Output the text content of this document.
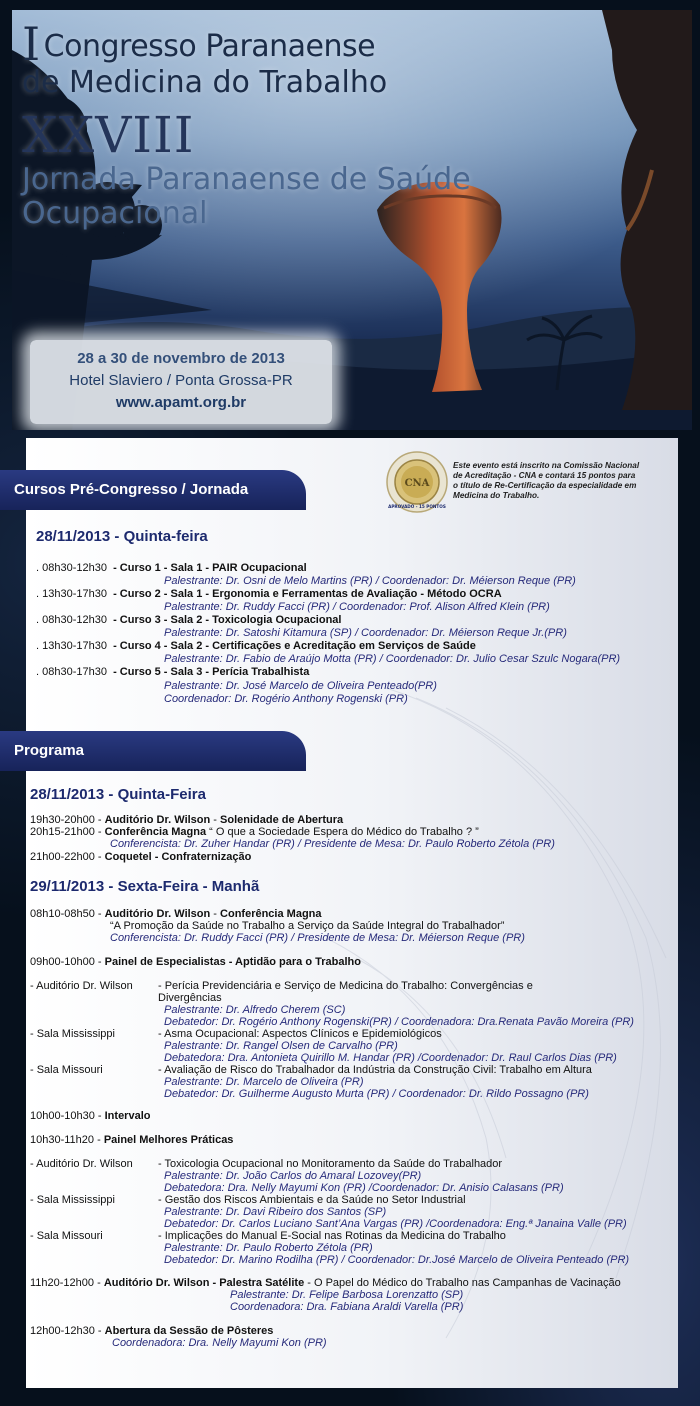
I Congresso Paranaense
de Medicina do Trabalho
XXVIII
Jornada Paranaense de Saúde
Ocupacional
28 a 30 de novembro de 2013
Hotel Slaviero / Ponta Grossa-PR
www.apamt.org.br
Cursos Pré-Congresso / Jornada	CNA
APROVADO - 15 PONTOS
Este evento está inscrito na Comissão Nacional
de Acreditação - CNA e contará 15 pontos para
o título de Re-Certificação da especialidade em
Medicina do Trabalho.
28/11/2013 - Quinta-feira
. 08h30-12h30 - Curso 1 - Sala 1 - PAIR Ocupacional
Palestrante: Dr. Osni de Melo Martins (PR) / Coordenador: Dr. Méierson Reque (PR)
. 13h30-17h30 - Curso 2 - Sala 1 - Ergonomia e Ferramentas de Avaliação - Método OCRA
Palestrante: Dr. Ruddy Facci (PR) / Coordenador: Prof. Alison Alfred Klein (PR)
. 08h30-12h30 - Curso 3 - Sala 2 - Toxicologia Ocupacional
Palestrante: Dr. Satoshi Kitamura (SP) / Coordenador: Dr. Méierson Reque Jr.(PR)
. 13h30-17h30 - Curso 4 - Sala 2 - Certificações e Acreditação em Serviços de Saúde
Palestrante: Dr. Fabio de Araújo Motta (PR) / Coordenador: Dr. Julio Cesar Szulc Nogara(PR)
. 08h30-17h30 - Curso 5 - Sala 3 - Perícia Trabalhista
Palestrante: Dr. José Marcelo de Oliveira Penteado(PR)
Coordenador: Dr. Rogério Anthony Rogenski (PR)
Programa
28/11/2013 - Quinta-Feira
19h30-20h00 - Auditório Dr. Wilson - Solenidade de Abertura
20h15-21h00 - Conferência Magna “ O que a Sociedade Espera do Médico do Trabalho ? ”
Conferencista: Dr. Zuher Handar (PR) / Presidente de Mesa: Dr. Paulo Roberto Zétola (PR)
21h00-22h00 - Coquetel - Confraternização
29/11/2013 - Sexta-Feira - Manhã
08h10-08h50 - Auditório Dr. Wilson - Conferência Magna
“A Promoção da Saúde no Trabalho a Serviço da Saúde Integral do Trabalhador”
Conferencista: Dr. Ruddy Facci (PR) / Presidente de Mesa: Dr. Méierson Reque (PR)
09h00-10h00 - Painel de Especialistas - Aptidão para o Trabalho
- Auditório Dr. Wilson - Perícia Previdenciária e Serviço de Medicina do Trabalho: Convergências e
Divergências
Palestrante: Dr. Alfredo Cherem (SC)
Debatedor: Dr. Rogério Anthony Rogenski(PR) / Coordenadora: Dra.Renata Pavão Moreira (PR)
- Sala Mississippi	- Asma Ocupacional: Aspectos Clínicos e Epidemiológicos
Palestrante: Dr. Rangel Olsen de Carvalho (PR)
Debatedora: Dra. Antonieta Quirillo M. Handar (PR) /Coordenador: Dr. Raul Carlos Dias (PR)
- Sala Missouri	- Avaliação de Risco do Trabalhador da Indústria da Construção Civil: Trabalho em Altura
Palestrante: Dr. Marcelo de Oliveira (PR)
Debatedor: Dr. Guilherme Augusto Murta (PR) / Coordenador: Dr. Rildo Possagno (PR)
10h00-10h30 - Intervalo
10h30-11h20 - Painel Melhores Práticas
- Auditório Dr. Wilson - Toxicologia Ocupacional no Monitoramento da Saúde do Trabalhador
Palestrante: Dr. João Carlos do Amaral Lozovey(PR)
Debatedora: Dra. Nelly Mayumi Kon (PR) /Coordenador: Dr. Anisio Calasans (PR)
- Sala Mississippi	- Gestão dos Riscos Ambientais e da Saúde no Setor Industrial
Palestrante: Dr. Davi Ribeiro dos Santos (SP)
Debatedor: Dr. Carlos Luciano Sant’Ana Vargas (PR) /Coordenadora: Eng.ª Janaina Valle (PR)
- Sala Missouri	- Implicações do Manual E-Social nas Rotinas da Medicina do Trabalho
Palestrante: Dr. Paulo Roberto Zétola (PR)
Debatedor: Dr. Marino Rodilha (PR) / Coordenador: Dr.José Marcelo de Oliveira Penteado (PR)
11h20-12h00 - Auditório Dr. Wilson - Palestra Satélite - O Papel do Médico do Trabalho nas Campanhas de Vacinação
Palestrante: Dr. Felipe Barbosa Lorenzatto (SP)
Coordenadora: Dra. Fabiana Araldi Varella (PR)
12h00-12h30 - Abertura da Sessão de Pôsteres
Coordenadora: Dra. Nelly Mayumi Kon (PR)
